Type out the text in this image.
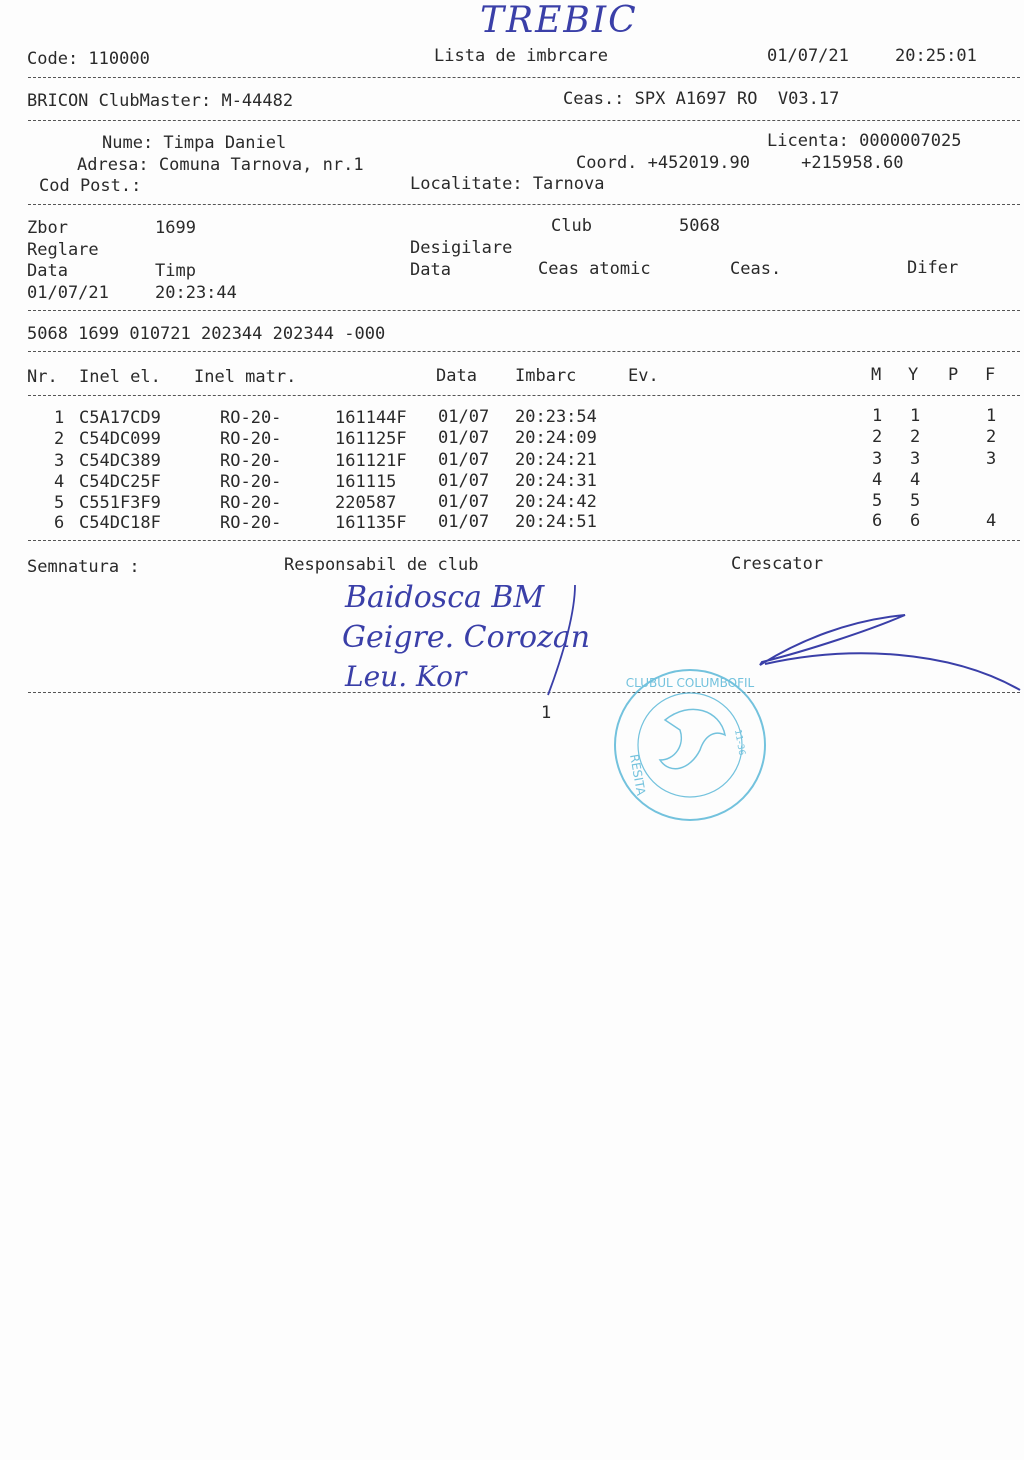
TREBIC
Code: 110000	Lista de imbrcare	01/07/21	20:25:01
BRICON ClubMaster: M-44482	Ceas.: SPX A1697 RO  V03.17
Nume: Timpa Daniel	Licenta: 0000007025
Adresa: Comuna Tarnova, nr.1	Coord. +452019.90     +215958.60
Cod Post.:	Localitate: Tarnova
Zbor	1699	Club	5068
Reglare	Desigilare
Data	Timp	Data	Ceas atomic	Ceas.	Difer
01/07/21	20:23:44
5068 1699 010721 202344 202344 -000
Nr. Inel el. Inel matr.	Data Imbarc	Ev.	M Y P F
1 C5A17CD9	RO-20-	161144F 01/07 20:23:54	1 1	1
2 C54DC099	RO-20-	161125F 01/07 20:24:09	2 2	2
3 C54DC389	RO-20-	161121F 01/07 20:24:21	3 3	3
4 C54DC25F	RO-20-	161115 01/07 20:24:31	4 4
5 C551F3F9	RO-20-	220587 01/07 20:24:42	5 5
6 C54DC18F	RO-20-	161135F 01/07 20:24:51	6 6	4
Semnatura :	Responsabil de club	Crescator
1
Baidosca BM
Geigre. Corozan
Leu. Kor	CLUBUL COLUMBOFIL
RESITA
11-36
